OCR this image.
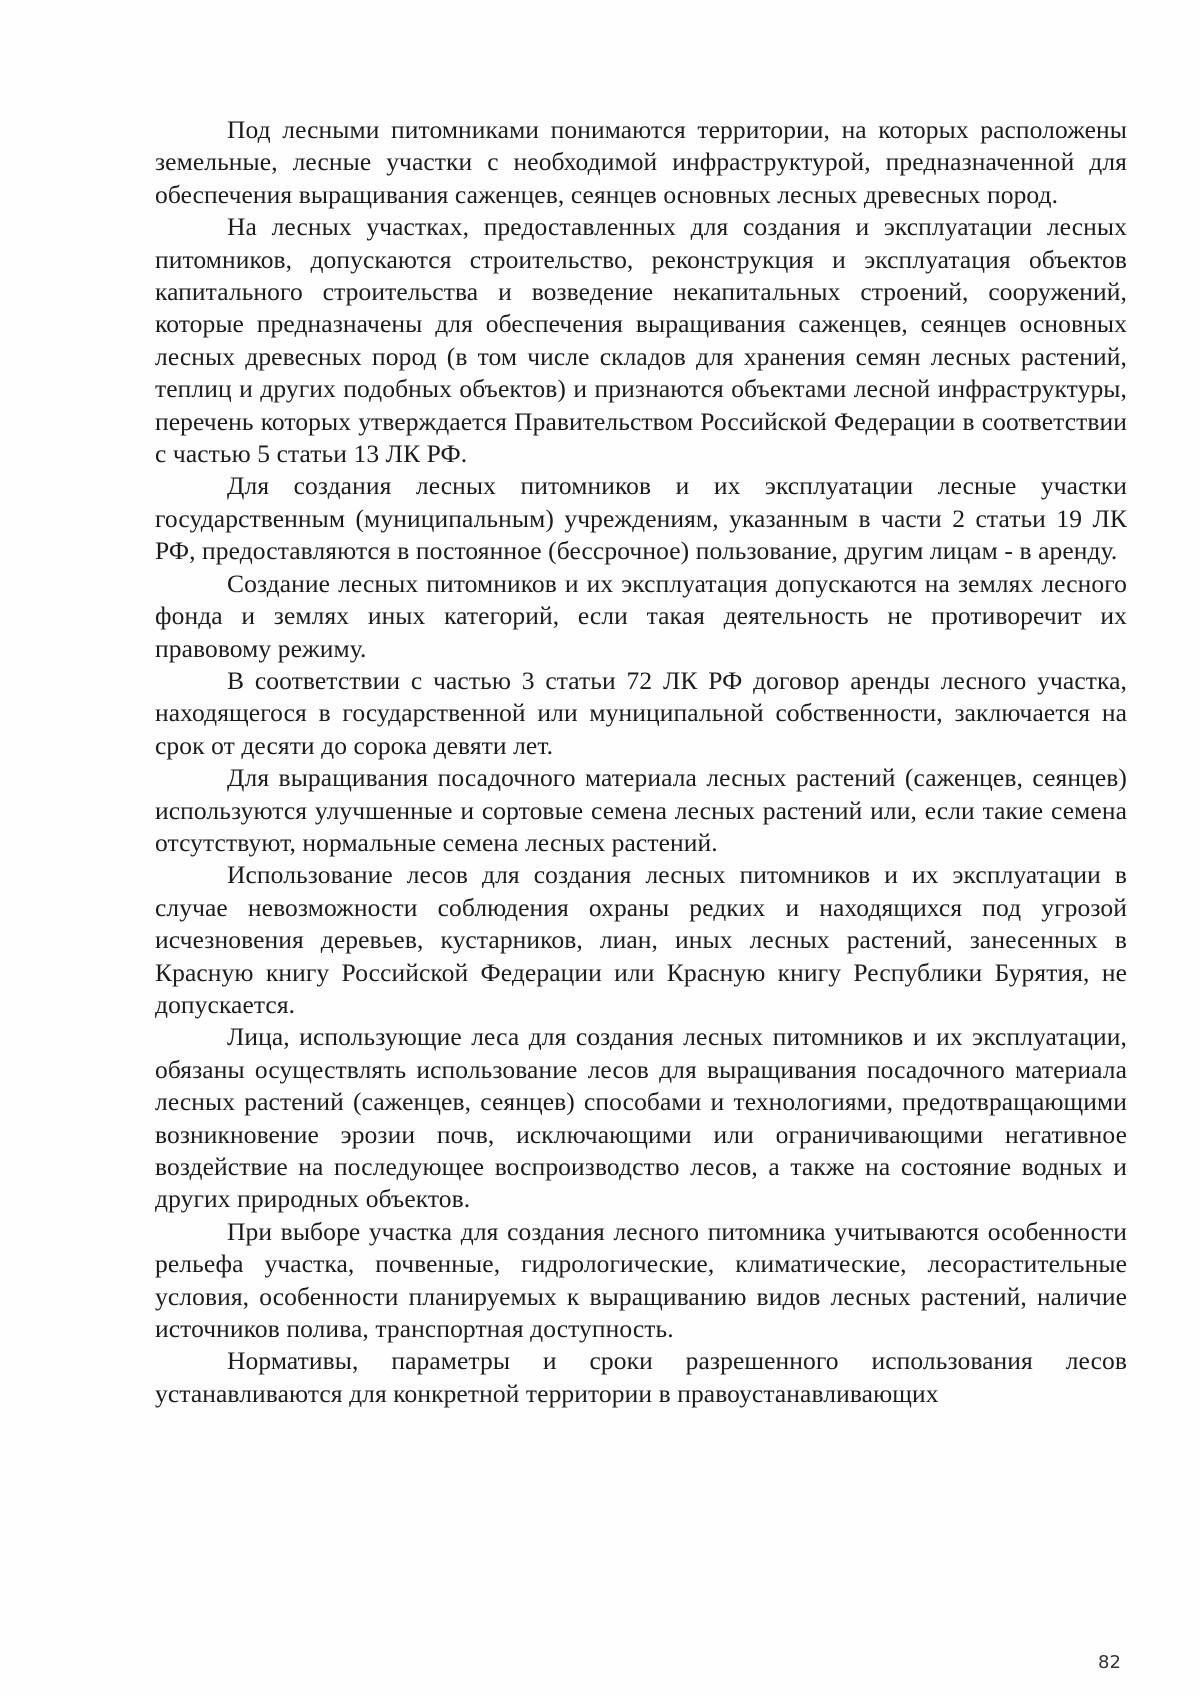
Под лесными питомниками понимаются территории, на которых расположены земельные, лесные участки с необходимой инфраструктурой, предназначенной для обеспечения выращивания саженцев, сеянцев основных лесных древесных пород.

На лесных участках, предоставленных для создания и эксплуатации лесных питомников, допускаются строительство, реконструкция и эксплуатация объектов капитального строительства и возведение некапитальных строений, сооружений, которые предназначены для обеспечения выращивания саженцев, сеянцев основных лесных древесных пород (в том числе складов для хранения семян лесных растений, теплиц и других подобных объектов) и признаются объектами лесной инфраструктуры, перечень которых утверждается Правительством Российской Федерации в соответствии с частью 5 статьи 13 ЛК РФ.

Для создания лесных питомников и их эксплуатации лесные участки государственным (муниципальным) учреждениям, указанным в части 2 статьи 19 ЛК РФ, предоставляются в постоянное (бессрочное) пользование, другим лицам - в аренду.

Создание лесных питомников и их эксплуатация допускаются на землях лесного фонда и землях иных категорий, если такая деятельность не противоречит их правовому режиму.

В соответствии с частью 3 статьи 72 ЛК РФ договор аренды лесного участка, находящегося в государственной или муниципальной собственности, заключается на срок от десяти до сорока девяти лет.

Для выращивания посадочного материала лесных растений (саженцев, сеянцев) используются улучшенные и сортовые семена лесных растений или, если такие семена отсутствуют, нормальные семена лесных растений.

Использование лесов для создания лесных питомников и их эксплуатации в случае невозможности соблюдения охраны редких и находящихся под угрозой исчезновения деревьев, кустарников, лиан, иных лесных растений, занесенных в Красную книгу Российской Федерации или Красную книгу Республики Бурятия, не допускается.

Лица, использующие леса для создания лесных питомников и их эксплуатации, обязаны осуществлять использование лесов для выращивания посадочного материала лесных растений (саженцев, сеянцев) способами и технологиями, предотвращающими возникновение эрозии почв, исключающими или ограничивающими негативное воздействие на последующее воспроизводство лесов, а также на состояние водных и других природных объектов.

При выборе участка для создания лесного питомника учитываются особенности рельефа участка, почвенные, гидрологические, климатические, лесорастительные условия, особенности планируемых к выращиванию видов лесных растений, наличие источников полива, транспортная доступность.

Нормативы, параметры и сроки разрешенного использования лесов устанавливаются для конкретной территории в правоустанавливающих

82
